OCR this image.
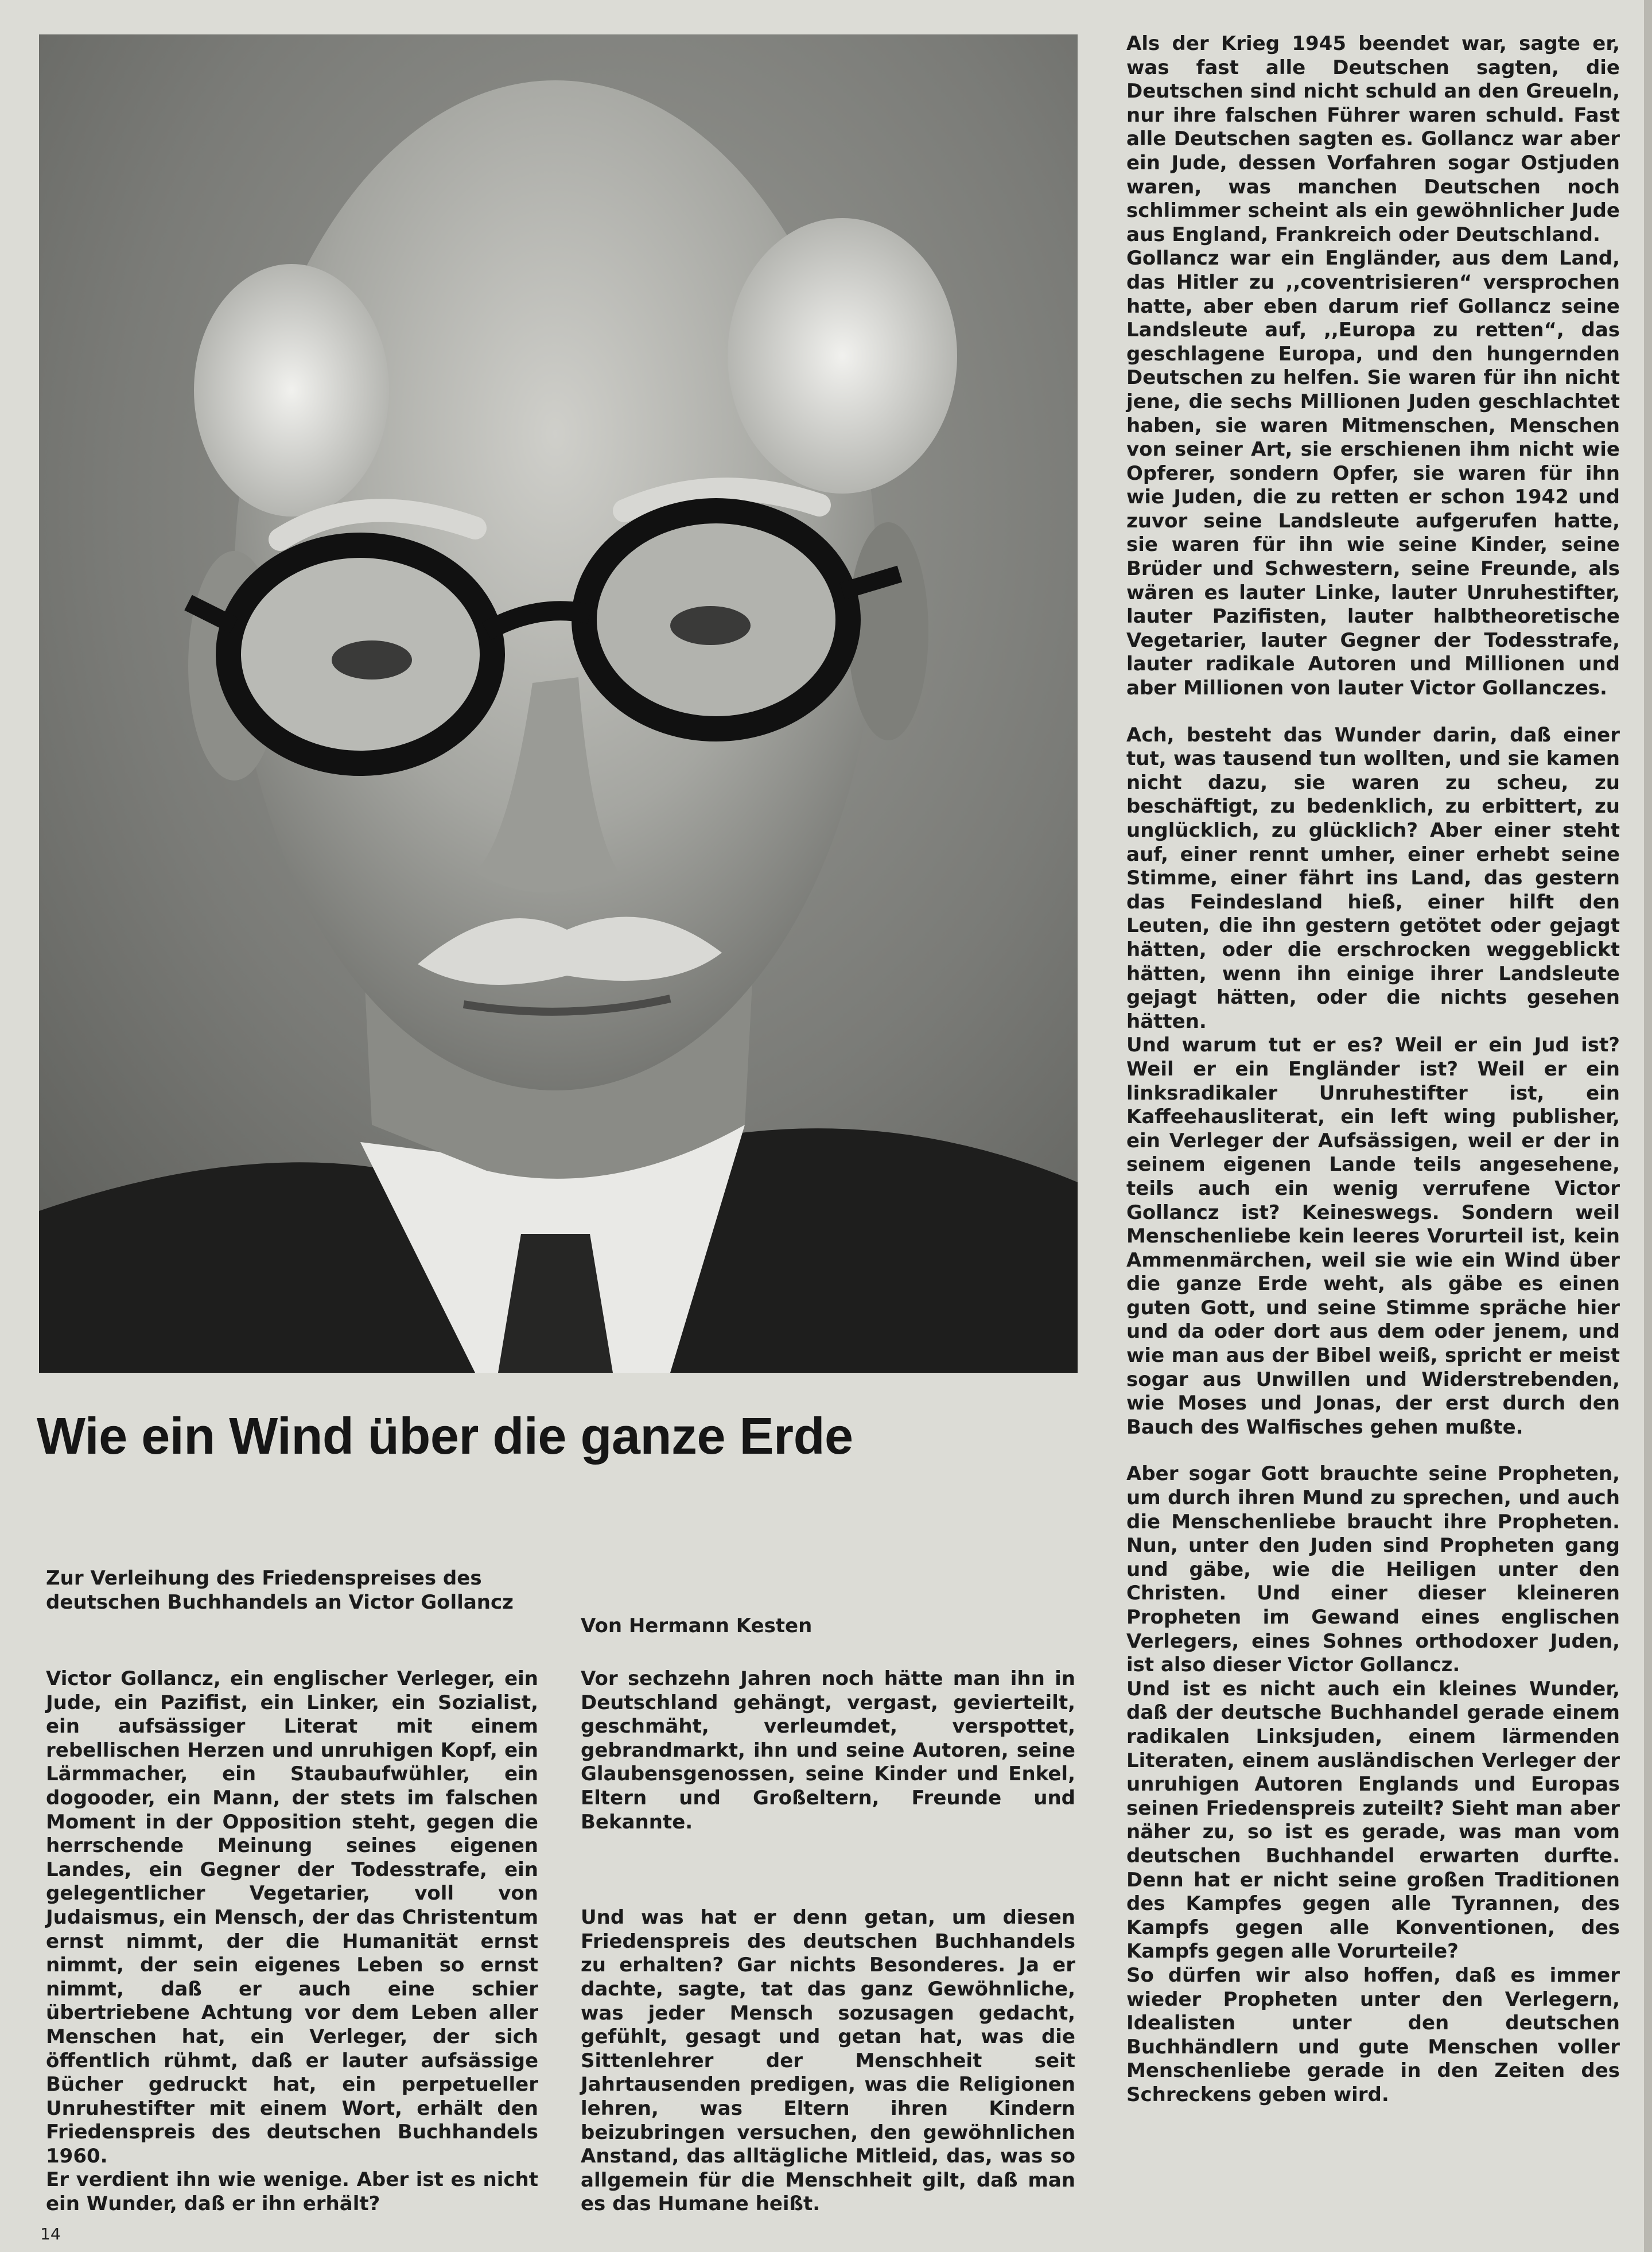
Wie ein Wind über die ganze Erde
Zur Verleihung des Friedenspreises des deutschen Buchhandels an Victor Gollancz
Von Hermann Kesten

Victor Gollancz, ein englischer Verleger, ein Jude, ein Pazifist, ein Linker, ein Sozialist, ein aufsässiger Literat mit einem rebellischen Herzen und unruhigen Kopf, ein Lärmmacher, ein Staubaufwühler, ein dogooder, ein Mann, der stets im falschen Moment in der Opposition steht, gegen die herrschende Meinung seines eigenen Landes, ein Gegner der Todesstrafe, ein gelegentlicher Vegetarier, voll von Judaismus, ein Mensch, der das Christentum ernst nimmt, der die Humanität ernst nimmt, der sein eigenes Leben so ernst nimmt, daß er auch eine schier übertriebene Achtung vor dem Leben aller Menschen hat, ein Verleger, der sich öffentlich rühmt, daß er lauter aufsässige Bücher gedruckt hat, ein perpetueller Unruhestifter mit einem Wort, erhält den Friedenspreis des deutschen Buchhandels 1960.

Er verdient ihn wie wenige. Aber ist es nicht ein Wunder, daß er ihn erhält?

Vor sechzehn Jahren noch hätte man ihn in Deutschland gehängt, vergast, gevierteilt, geschmäht, verleumdet, verspottet, gebrandmarkt, ihn und seine Autoren, seine Glaubensgenossen, seine Kinder und Enkel, Eltern und Großeltern, Freunde und Bekannte.

Und was hat er denn getan, um diesen Friedenspreis des deutschen Buchhandels zu erhalten? Gar nichts Besonderes. Ja er dachte, sagte, tat das ganz Gewöhnliche, was jeder Mensch sozusagen gedacht, gefühlt, gesagt und getan hat, was die Sittenlehrer der Menschheit seit Jahrtausenden predigen, was die Religionen lehren, was Eltern ihren Kindern beizubringen versuchen, den gewöhnlichen Anstand, das alltägliche Mitleid, das, was so allgemein für die Menschheit gilt, daß man es das Humane heißt.

Als der Krieg 1945 beendet war, sagte er, was fast alle Deutschen sagten, die Deutschen sind nicht schuld an den Greueln, nur ihre falschen Führer waren schuld. Fast alle Deutschen sagten es. Gollancz war aber ein Jude, dessen Vorfahren sogar Ostjuden waren, was manchen Deutschen noch schlimmer scheint als ein gewöhnlicher Jude aus England, Frankreich oder Deutschland.

Gollancz war ein Engländer, aus dem Land, das Hitler zu ,,coventrisieren“ versprochen hatte, aber eben darum rief Gollancz seine Landsleute auf, ,,Europa zu retten“, das geschlagene Europa, und den hungernden Deutschen zu helfen. Sie waren für ihn nicht jene, die sechs Millionen Juden geschlachtet haben, sie waren Mitmenschen, Menschen von seiner Art, sie erschienen ihm nicht wie Opferer, sondern Opfer, sie waren für ihn wie Juden, die zu retten er schon 1942 und zuvor seine Landsleute aufgerufen hatte, sie waren für ihn wie seine Kinder, seine Brüder und Schwestern, seine Freunde, als wären es lauter Linke, lauter Unruhestifter, lauter Pazifisten, lauter halbtheoretische Vegetarier, lauter Gegner der Todesstrafe, lauter radikale Autoren und Millionen und aber Millionen von lauter Victor Gollanczes.

Ach, besteht das Wunder darin, daß einer tut, was tausend tun wollten, und sie kamen nicht dazu, sie waren zu scheu, zu beschäftigt, zu bedenklich, zu erbittert, zu unglücklich, zu glücklich? Aber einer steht auf, einer rennt umher, einer erhebt seine Stimme, einer fährt ins Land, das gestern das Feindesland hieß, einer hilft den Leuten, die ihn gestern getötet oder gejagt hätten, oder die erschrocken weggeblickt hätten, wenn ihn einige ihrer Landsleute gejagt hätten, oder die nichts gesehen hätten.

Und warum tut er es? Weil er ein Jud ist? Weil er ein Engländer ist? Weil er ein linksradikaler Unruhestifter ist, ein Kaffeehausliterat, ein left wing publisher, ein Verleger der Aufsässigen, weil er der in seinem eigenen Lande teils angesehene, teils auch ein wenig verrufene Victor Gollancz ist? Keineswegs. Sondern weil Menschenliebe kein leeres Vorurteil ist, kein Ammenmärchen, weil sie wie ein Wind über die ganze Erde weht, als gäbe es einen guten Gott, und seine Stimme spräche hier und da oder dort aus dem oder jenem, und wie man aus der Bibel weiß, spricht er meist sogar aus Unwillen und Widerstrebenden, wie Moses und Jonas, der erst durch den Bauch des Walfisches gehen mußte.

Aber sogar Gott brauchte seine Propheten, um durch ihren Mund zu sprechen, und auch die Menschenliebe braucht ihre Propheten. Nun, unter den Juden sind Propheten gang und gäbe, wie die Heiligen unter den Christen. Und einer dieser kleineren Propheten im Gewand eines englischen Verlegers, eines Sohnes orthodoxer Juden, ist also dieser Victor Gollancz.

Und ist es nicht auch ein kleines Wunder, daß der deutsche Buchhandel gerade einem radikalen Linksjuden, einem lärmenden Literaten, einem ausländischen Verleger der unruhigen Autoren Englands und Europas seinen Friedenspreis zuteilt? Sieht man aber näher zu, so ist es gerade, was man vom deutschen Buchhandel erwarten durfte. Denn hat er nicht seine großen Traditionen des Kampfes gegen alle Tyrannen, des Kampfs gegen alle Konventionen, des Kampfs gegen alle Vorurteile?

So dürfen wir also hoffen, daß es immer wieder Propheten unter den Verlegern, Idealisten unter den deutschen Buchhändlern und gute Menschen voller Menschenliebe gerade in den Zeiten des Schreckens geben wird.

14
